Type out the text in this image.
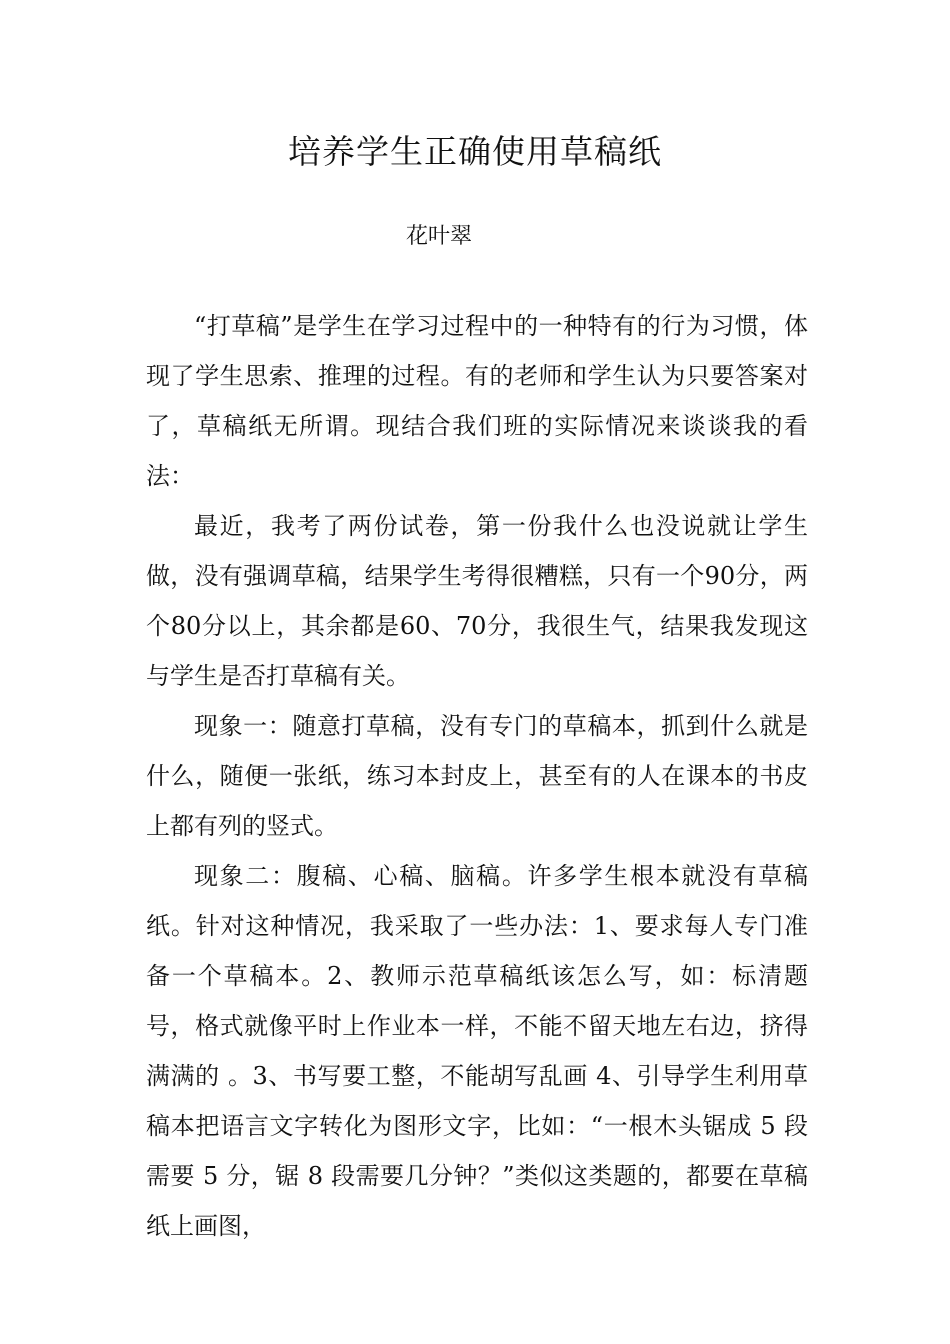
培养学生正确使用草稿纸
花叶翠

“打草稿”是学生在学习过程中的一种特有的行为习惯，体现了学生思索、推理的过程。有的老师和学生认为只要答案对了，草稿纸无所谓。现结合我们班的实际情况来谈谈我的看法：

最近，我考了两份试卷，第一份我什么也没说就让学生做，没有强调草稿，结果学生考得很糟糕，只有一个90分，两个80分以上，其余都是60、70分，我很生气，结果我发现这与学生是否打草稿有关。

现象一：随意打草稿，没有专门的草稿本，抓到什么就是什么，随便一张纸，练习本封皮上，甚至有的人在课本的书皮上都有列的竖式。

现象二：腹稿、心稿、脑稿。许多学生根本就没有草稿纸。针对这种情况，我采取了一些办法：1、要求每人专门准备一个草稿本。2、教师示范草稿纸该怎么写，如：标清题号，格式就像平时上作业本一样，不能不留天地左右边，挤得满满的 。3、书写要工整，不能胡写乱画 4、引导学生利用草稿本把语言文字转化为图形文字，比如：“一根木头锯成 5 段需要 5 分，锯 8 段需要几分钟？”类似这类题的，都要在草稿纸上画图，
